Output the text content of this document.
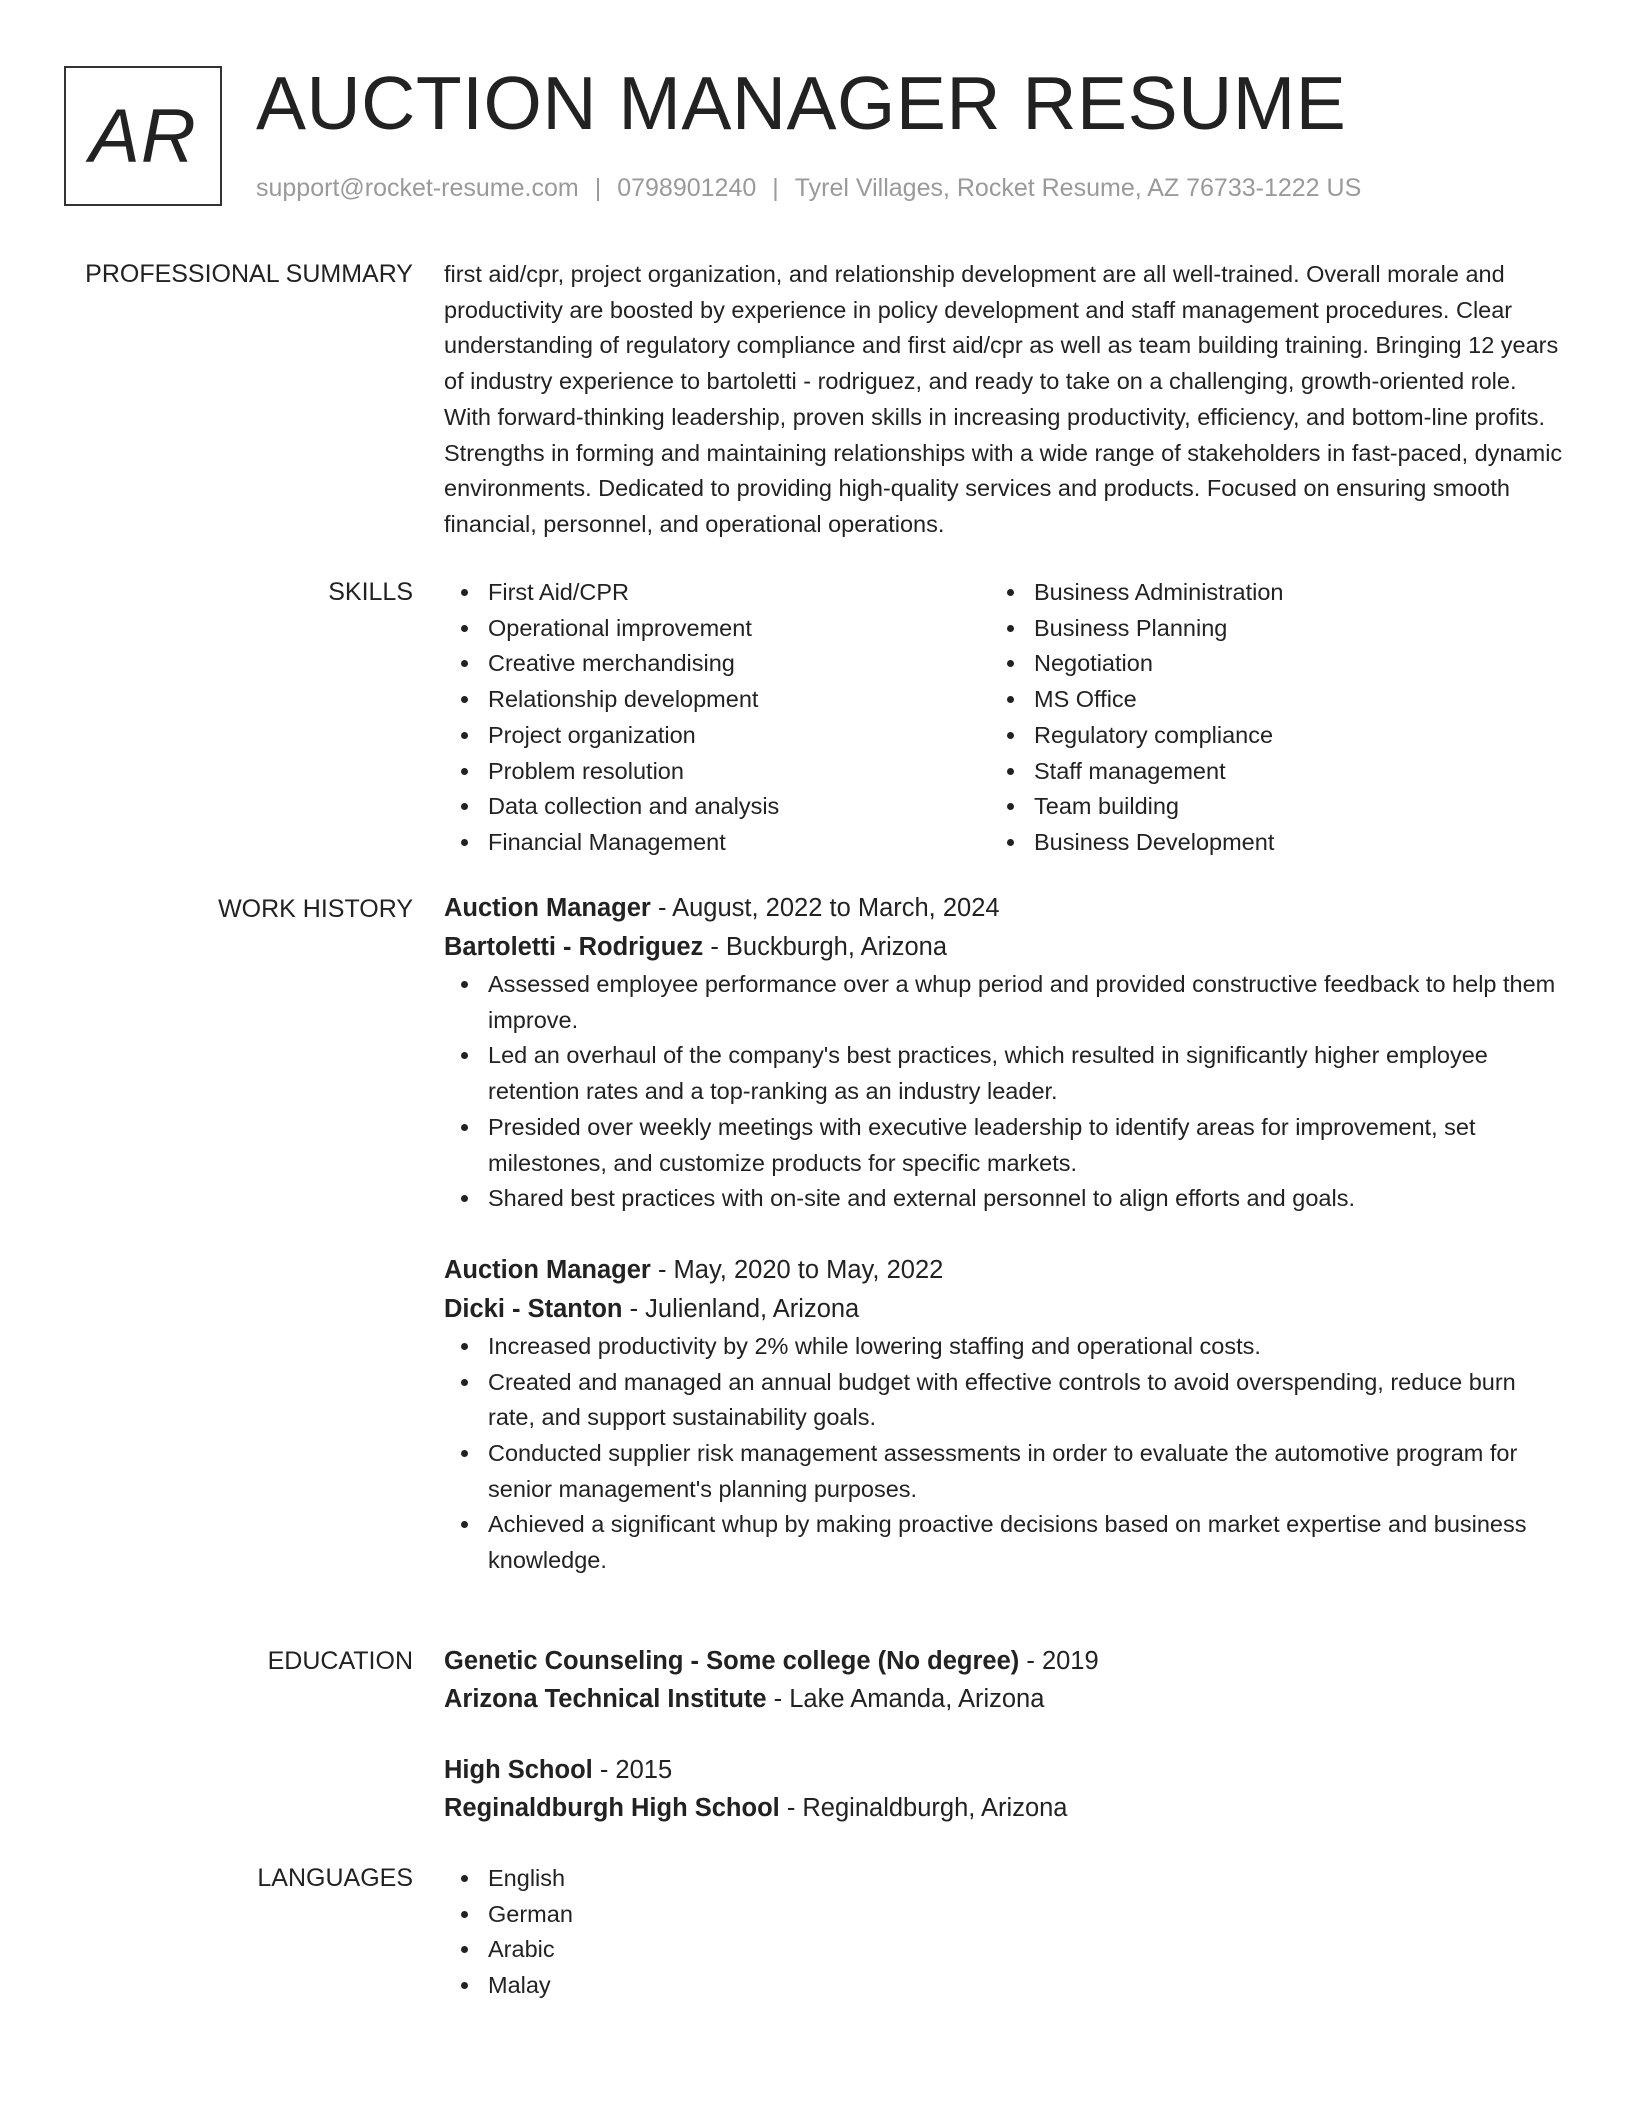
AR AUCTION MANAGER RESUME
support@rocket-resume.com | 0798901240 | Tyrel Villages, Rocket Resume, AZ 76733-1222 US
PROFESSIONAL SUMMARY first aid/cpr, project organization, and relationship development are all well-trained. Overall morale and productivity are boosted by experience in policy development and staff management procedures. Clear understanding of regulatory compliance and first aid/cpr as well as team building training. Bringing 12 years of industry experience to bartoletti - rodriguez, and ready to take on a challenging, growth-oriented role. With forward-thinking leadership, proven skills in increasing productivity, efficiency, and bottom-line profits. Strengths in forming and maintaining relationships with a wide range of stakeholders in fast-paced, dynamic environments. Dedicated to providing high-quality services and products. Focused on ensuring smooth financial, personnel, and operational operations.

SKILLS	First Aid/CPR
Operational improvement
Creative merchandising
Relationship development
Project organization
Problem resolution
Data collection and analysis
Financial Management
Business Administration
Business Planning
Negotiation
MS Office
Regulatory compliance
Staff management
Team building
Business Development
WORK HISTORY Auction Manager - August, 2022 to March, 2024
Bartoletti - Rodriguez - Buckburgh, Arizona
Assessed employee performance over a whup period and provided constructive feedback to help them improve.
Led an overhaul of the company's best practices, which resulted in significantly higher employee retention rates and a top-ranking as an industry leader.
Presided over weekly meetings with executive leadership to identify areas for improvement, set milestones, and customize products for specific markets.
Shared best practices with on-site and external personnel to align efforts and goals.
Auction Manager - May, 2020 to May, 2022
Dicki - Stanton - Julienland, Arizona
Increased productivity by 2% while lowering staffing and operational costs.
Created and managed an annual budget with effective controls to avoid overspending, reduce burn rate, and support sustainability goals.
Conducted supplier risk management assessments in order to evaluate the automotive program for senior management's planning purposes.
Achieved a significant whup by making proactive decisions based on market expertise and business knowledge.
EDUCATION Genetic Counseling - Some college (No degree) - 2019
Arizona Technical Institute - Lake Amanda, Arizona
High School - 2015
Reginaldburgh High School - Reginaldburgh, Arizona
LANGUAGES	English
German
Arabic
Malay
